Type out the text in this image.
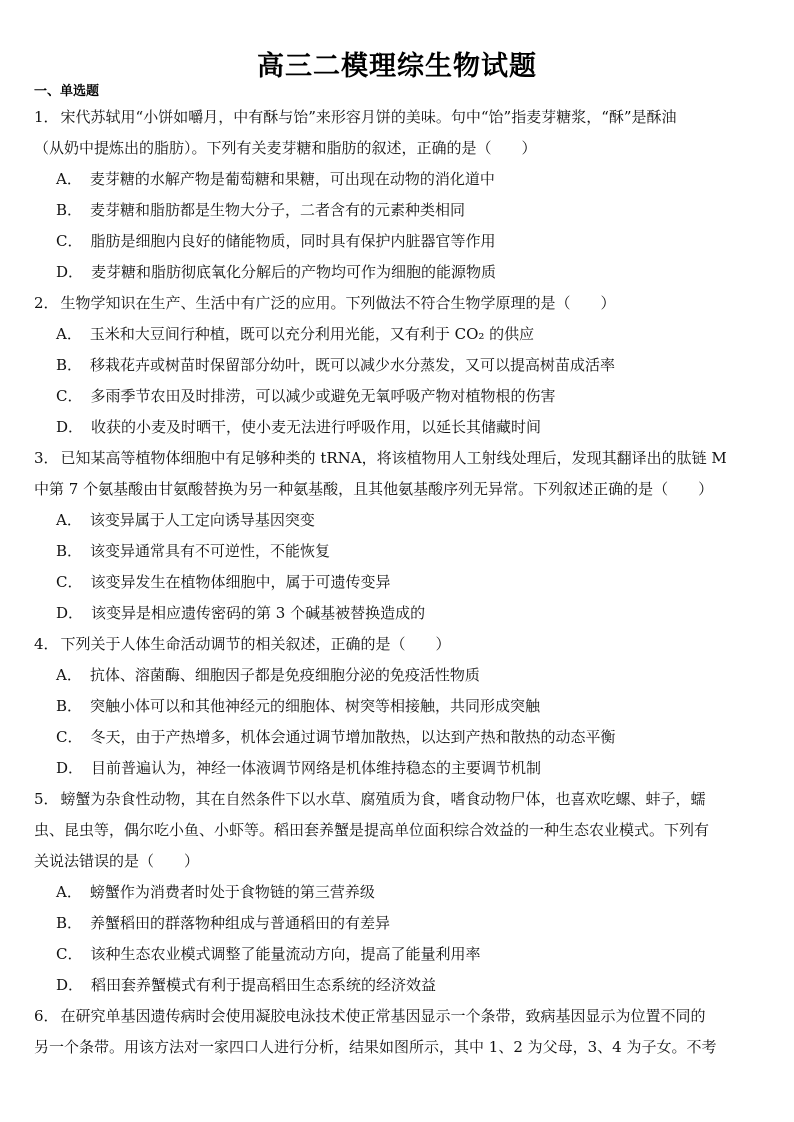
高三二模理综生物试题
一、单选题
1． 宋代苏轼用“小饼如嚼月，中有酥与饴”来形容月饼的美味。句中“饴”指麦芽糖浆，“酥”是酥油
（从奶中提炼出的脂肪）。下列有关麦芽糖和脂肪的叙述，正确的是（　　）
A． 麦芽糖的水解产物是葡萄糖和果糖，可出现在动物的消化道中
B． 麦芽糖和脂肪都是生物大分子，二者含有的元素种类相同
C． 脂肪是细胞内良好的储能物质，同时具有保护内脏器官等作用
D． 麦芽糖和脂肪彻底氧化分解后的产物均可作为细胞的能源物质
2． 生物学知识在生产、生活中有广泛的应用。下列做法不符合生物学原理的是（　　）
A． 玉米和大豆间行种植，既可以充分利用光能，又有利于 CO₂ 的供应
B． 移栽花卉或树苗时保留部分幼叶，既可以减少水分蒸发，又可以提高树苗成活率
C． 多雨季节农田及时排涝，可以减少或避免无氧呼吸产物对植物根的伤害
D． 收获的小麦及时晒干，使小麦无法进行呼吸作用，以延长其储藏时间
3． 已知某高等植物体细胞中有足够种类的 tRNA，将该植物用人工射线处理后，发现其翻译出的肽链 M
中第 7 个氨基酸由甘氨酸替换为另一种氨基酸，且其他氨基酸序列无异常。下列叙述正确的是（　　）
A． 该变异属于人工定向诱导基因突变
B． 该变异通常具有不可逆性，不能恢复
C． 该变异发生在植物体细胞中，属于可遗传变异
D． 该变异是相应遗传密码的第 3 个碱基被替换造成的
4． 下列关于人体生命活动调节的相关叙述，正确的是（　　）
A． 抗体、溶菌酶、细胞因子都是免疫细胞分泌的免疫活性物质
B． 突触小体可以和其他神经元的细胞体、树突等相接触，共同形成突触
C． 冬天，由于产热增多，机体会通过调节增加散热，以达到产热和散热的动态平衡
D． 目前普遍认为，神经一体液调节网络是机体维持稳态的主要调节机制
5． 螃蟹为杂食性动物，其在自然条件下以水草、腐殖质为食，嗜食动物尸体，也喜欢吃螺、蚌子，蠕
虫、昆虫等，偶尔吃小鱼、小虾等。稻田套养蟹是提高单位面积综合效益的一种生态农业模式。下列有
关说法错误的是（　　）
A． 螃蟹作为消费者时处于食物链的第三营养级
B． 养蟹稻田的群落物种组成与普通稻田的有差异
C． 该种生态农业模式调整了能量流动方向，提高了能量利用率
D． 稻田套养蟹模式有利于提高稻田生态系统的经济效益
6． 在研究单基因遗传病时会使用凝胶电泳技术使正常基因显示一个条带，致病基因显示为位置不同的
另一个条带。用该方法对一家四口人进行分析，结果如图所示，其中 1、2 为父母，3、4 为子女。不考
